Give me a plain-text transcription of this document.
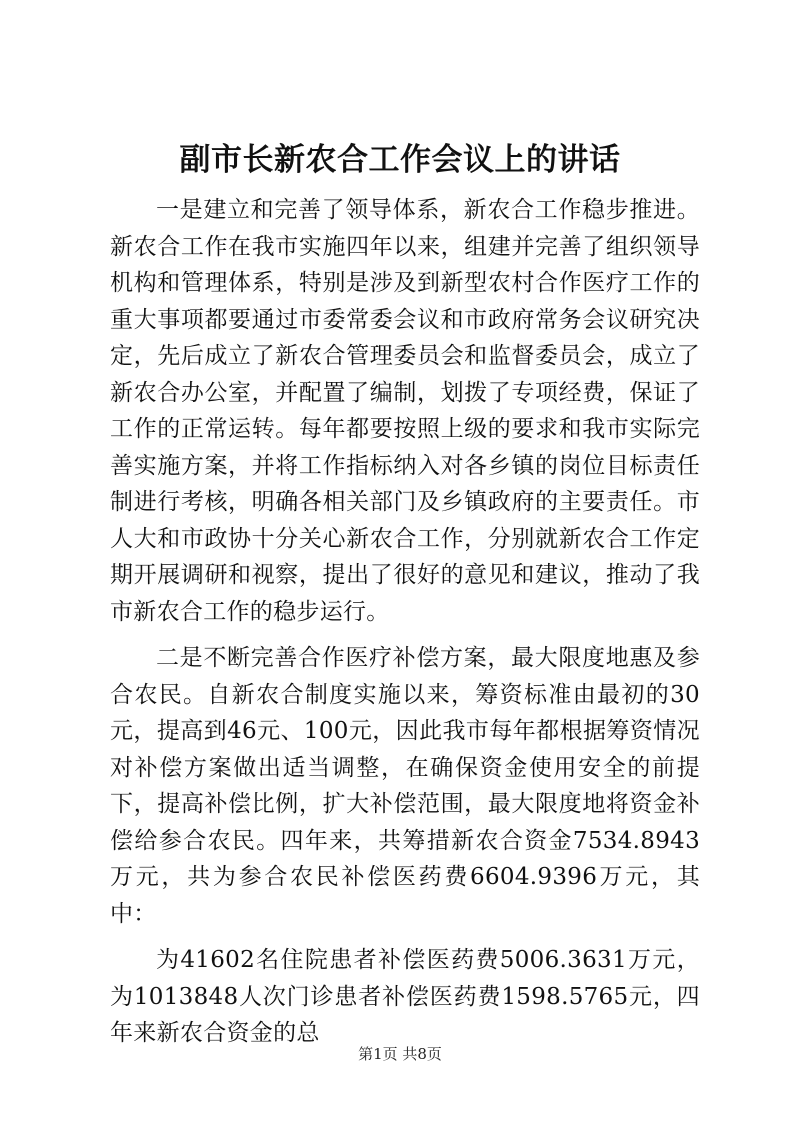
副市长新农合工作会议上的讲话

一是建立和完善了领导体系，新农合工作稳步推进。新农合工作在我市实施四年以来，组建并完善了组织领导机构和管理体系，特别是涉及到新型农村合作医疗工作的重大事项都要通过市委常委会议和市政府常务会议研究决定，先后成立了新农合管理委员会和监督委员会，成立了新农合办公室，并配置了编制，划拨了专项经费，保证了工作的正常运转。每年都要按照上级的要求和我市实际完善实施方案，并将工作指标纳入对各乡镇的岗位目标责任制进行考核，明确各相关部门及乡镇政府的主要责任。市人大和市政协十分关心新农合工作，分别就新农合工作定期开展调研和视察，提出了很好的意见和建议，推动了我市新农合工作的稳步运行。

二是不断完善合作医疗补偿方案，最大限度地惠及参合农民。自新农合制度实施以来，筹资标准由最初的30元，提高到46元、100元，因此我市每年都根据筹资情况对补偿方案做出适当调整，在确保资金使用安全的前提下，提高补偿比例，扩大补偿范围，最大限度地将资金补偿给参合农民。四年来，共筹措新农合资金7534.8943万元，共为参合农民补偿医药费6604.9396万元，其中：

为41602名住院患者补偿医药费5006.3631万元，为1013848人次门诊患者补偿医药费1598.5765元，四年来新农合资金的总

第1页 共8页
